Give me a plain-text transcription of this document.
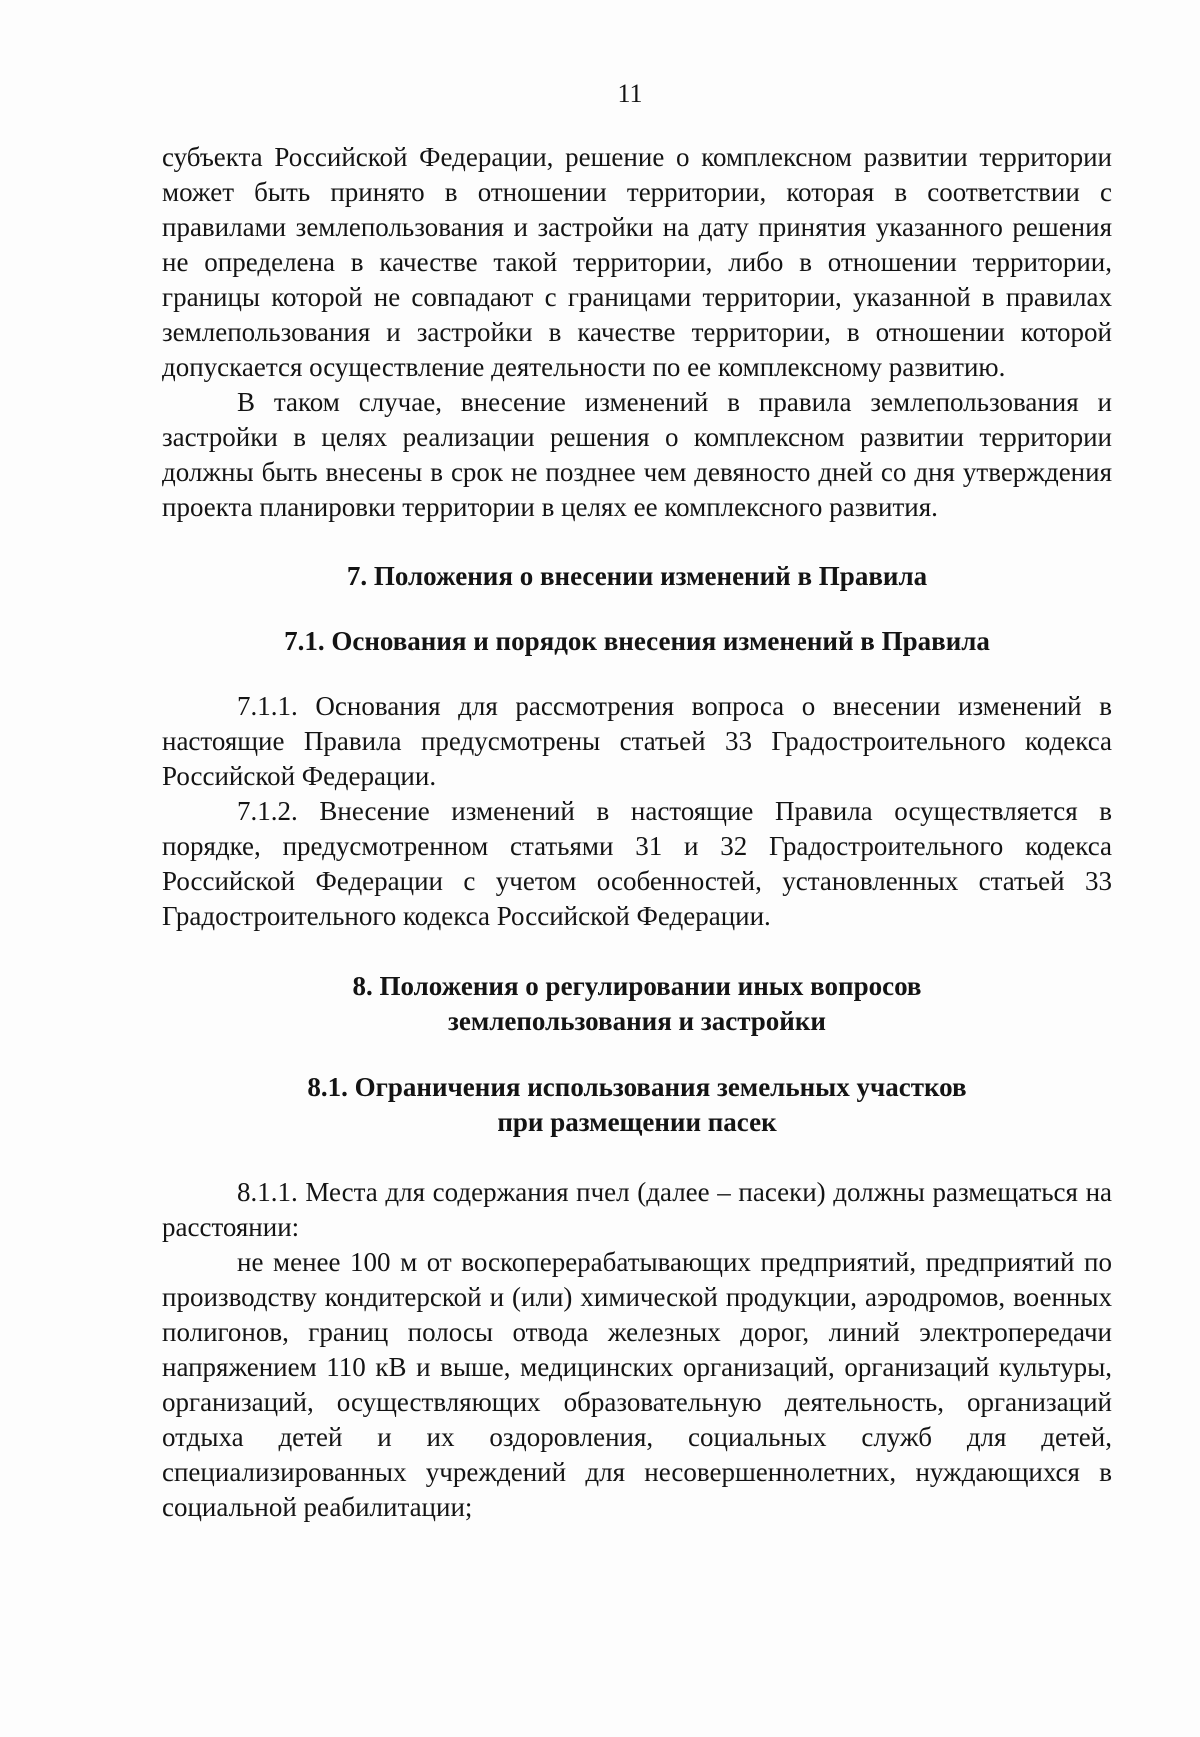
11

субъекта Российской Федерации, решение о комплексном развитии территории может быть принято в отношении территории, которая в соответствии с правилами землепользования и застройки на дату принятия указанного решения не определена в качестве такой территории, либо в отношении территории, границы которой не совпадают с границами территории, указанной в правилах землепользования и застройки в качестве территории, в отношении которой допускается осуществление деятельности по ее комплексному развитию.

В таком случае, внесение изменений в правила землепользования и застройки в целях реализации решения о комплексном развитии территории должны быть внесены в срок не позднее чем девяносто дней со дня утверждения проекта планировки территории в целях ее комплексного развития.

7. Положения о внесении изменений в Правила
7.1. Основания и порядок внесения изменений в Правила

7.1.1. Основания для рассмотрения вопроса о внесении изменений в настоящие Правила предусмотрены статьей 33 Градостроительного кодекса Российской Федерации.

7.1.2. Внесение изменений в настоящие Правила осуществляется в порядке, предусмотренном статьями 31 и 32 Градостроительного кодекса Российской Федерации с учетом особенностей, установленных статьей 33 Градостроительного кодекса Российской Федерации.

8. Положения о регулировании иных вопросов
землепользования и застройки
8.1. Ограничения использования земельных участков
при размещении пасек

8.1.1. Места для содержания пчел (далее – пасеки) должны размещаться на расстоянии:

не менее 100 м от воскоперерабатывающих предприятий, предприятий по производству кондитерской и (или) химической продукции, аэродромов, военных полигонов, границ полосы отвода железных дорог, линий электропередачи напряжением 110 кВ и выше, медицинских организаций, организаций культуры, организаций, осуществляющих образовательную деятельность, организаций отдыха детей и их оздоровления, социальных служб для детей, специализированных учреждений для несовершеннолетних, нуждающихся в социальной реабилитации;
